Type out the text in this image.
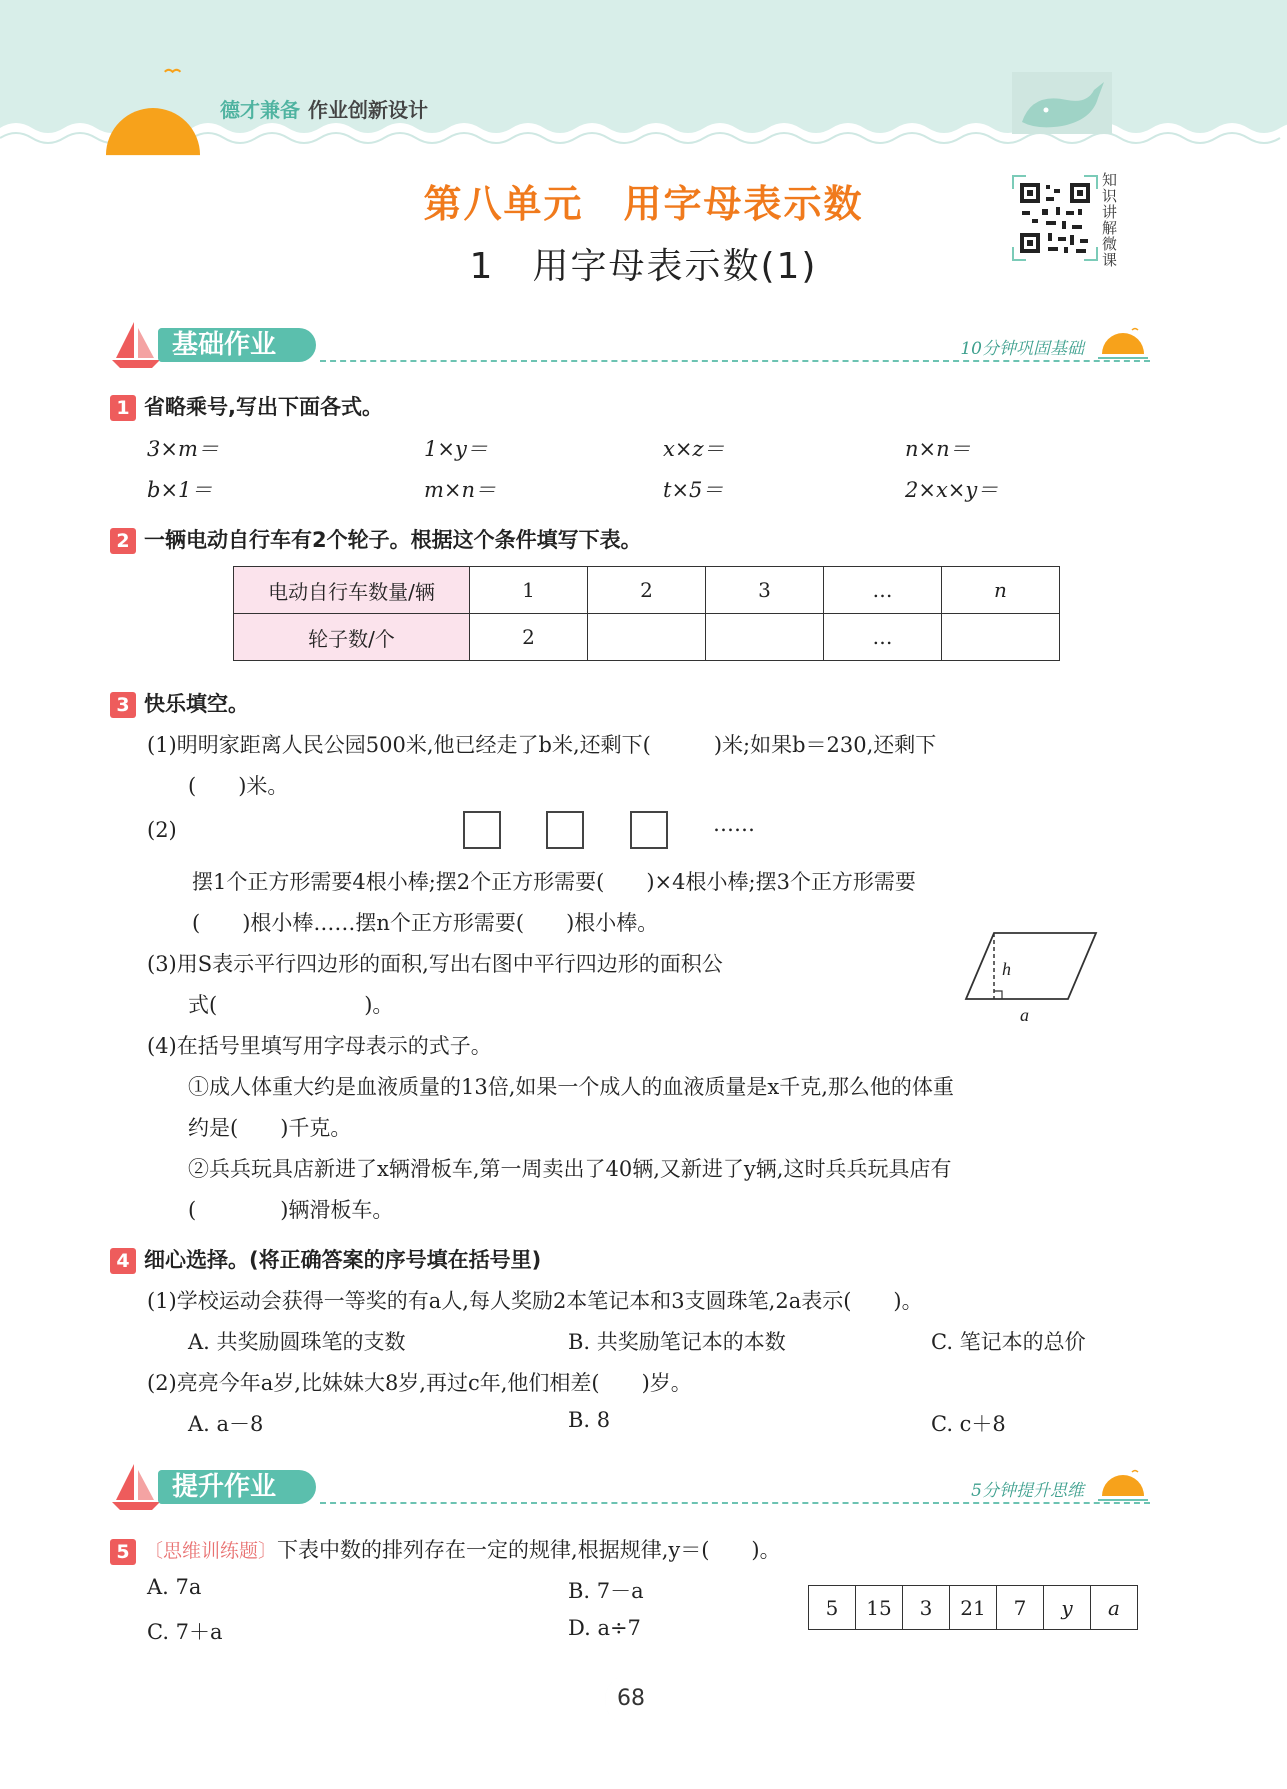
德才兼备 作业创新设计
第八单元　用字母表示数
1　用字母表示数(1)
知识讲解微课
基础作业	10分钟巩固基础
1 省略乘号,写出下面各式。
3×m＝	1×y＝	x×z＝	n×n＝
b×1＝	m×n＝	t×5＝	2×x×y＝
2 一辆电动自行车有2个轮子。根据这个条件填写下表。
电动自行车数量/辆	1	2	3	…	n
轮子数/个	2			…	
3 快乐填空。
(1)明明家距离人民公园500米,他已经走了b米,还剩下(　　　)米;如果b＝230,还剩下
(　　)米。
(2)	……
摆1个正方形需要4根小棒;摆2个正方形需要(　　)×4根小棒;摆3个正方形需要
(　　)根小棒……摆n个正方形需要(　　)根小棒。
(3)用S表示平行四边形的面积,写出右图中平行四边形的面积公
式(　　　　　　　)。
h
a
(4)在括号里填写用字母表示的式子。
①成人体重大约是血液质量的13倍,如果一个成人的血液质量是x千克,那么他的体重
约是(　　)千克。
②兵兵玩具店新进了x辆滑板车,第一周卖出了40辆,又新进了y辆,这时兵兵玩具店有
(　　　　)辆滑板车。
4 细心选择。(将正确答案的序号填在括号里)
(1)学校运动会获得一等奖的有a人,每人奖励2本笔记本和3支圆珠笔,2a表示(　　)。
A. 共奖励圆珠笔的支数	B. 共奖励笔记本的本数	C. 笔记本的总价
(2)亮亮今年a岁,比妹妹大8岁,再过c年,他们相差(　　)岁。
A. a－8	B. 8	C. c＋8
提升作业	5分钟提升思维
5 〔思维训练题〕下表中数的排列存在一定的规律,根据规律,y＝(　　)。
A. 7a	B. 7－a
C. 7＋a	D. a÷7
5	15	3	21	7	y	a
68
